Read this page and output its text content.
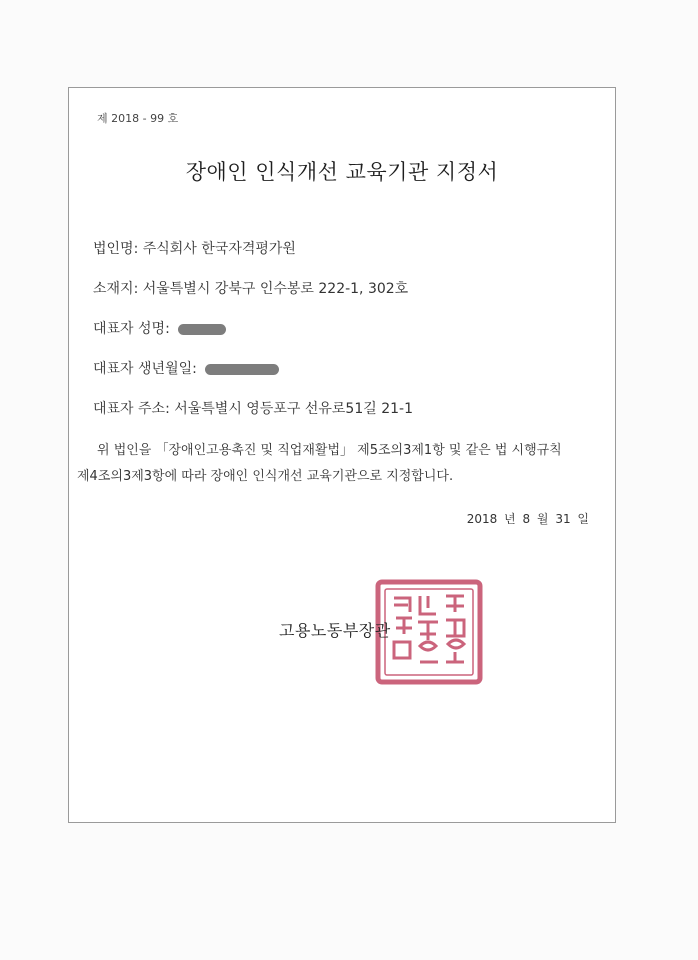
제 2018 - 99 호
장애인 인식개선 교육기관 지정서
법인명: 주식회사 한국자격평가원
소재지: 서울특별시 강북구 인수봉로 222-1, 302호
대표자 성명:
대표자 생년월일:
대표자 주소: 서울특별시 영등포구 선유로51길 21-1

위 법인을 「장애인고용촉진 및 직업재활법」 제5조의3제1항 및 같은 법 시행규칙

제4조의3제3항에 따라 장애인 인식개선 교육기관으로 지정합니다.

2018 년 8 월 31 일
고용노동부장관
